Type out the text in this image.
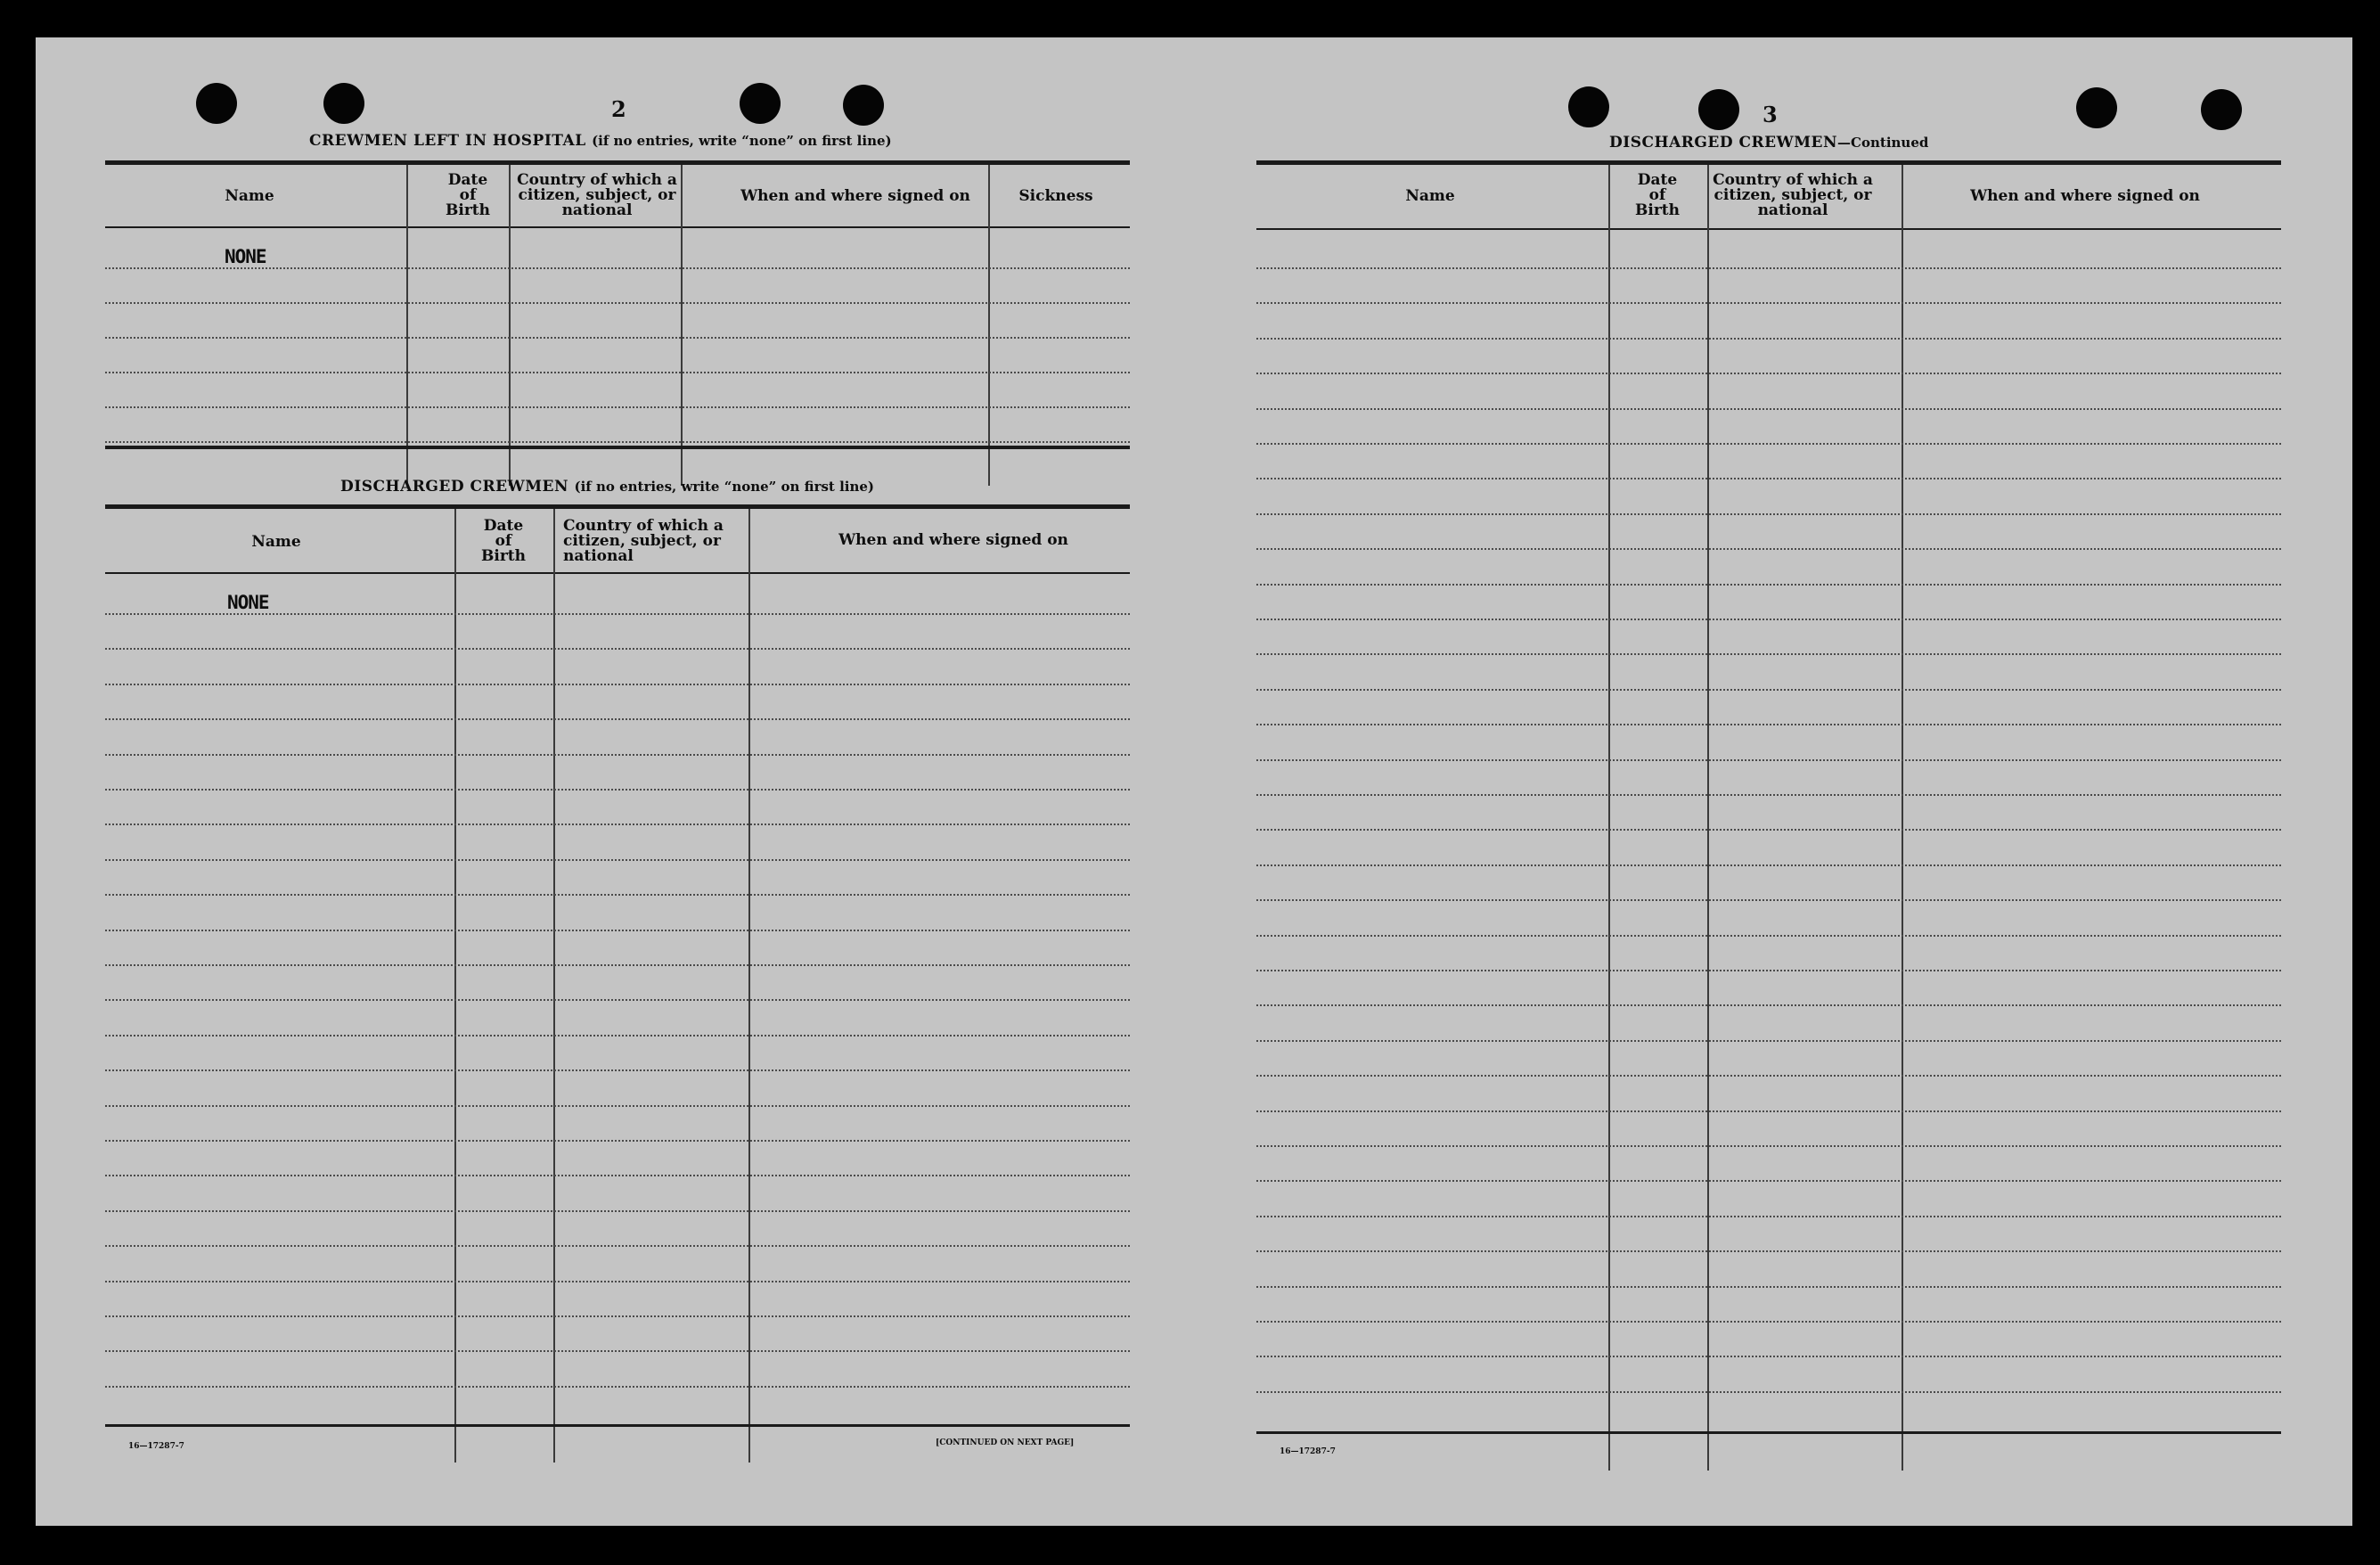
2
CREWMEN LEFT IN HOSPITAL (if no entries, write “none” on first line)
Name
Date
of
Birth
Country of which a
citizen, subject, or
national
When and where signed on	Sickness
NONE
DISCHARGED CREWMEN (if no entries, write “none” on first line)
Name
Date
of
Birth
Country of which a
citizen, subject, or
national
When and where signed on
NONE
16—17287-7	[CONTINUED ON NEXT PAGE]
3
DISCHARGED CREWMEN—Continued
Name
Date
of
Birth
Country of which a
citizen, subject, or
national
When and where signed on
16—17287-7
